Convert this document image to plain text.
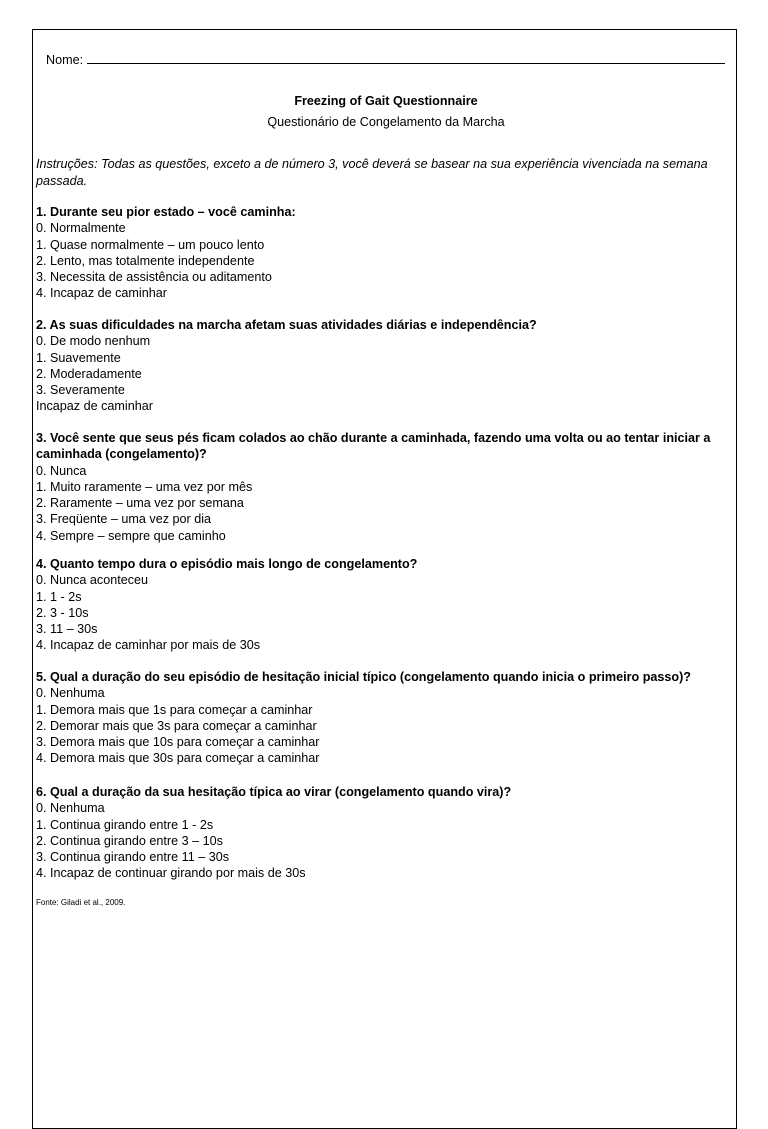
Nome:
Freezing of Gait Questionnaire
Questionário de Congelamento da Marcha
Instruções: Todas as questões, exceto a de número 3, você deverá se basear na sua experiência vivenciada na semana passada.
1. Durante seu pior estado – você caminha:
0. Normalmente
1. Quase normalmente – um pouco lento
2. Lento, mas totalmente independente
3. Necessita de assistência ou aditamento
4. Incapaz de caminhar
2. As suas dificuldades na marcha afetam suas atividades diárias e independência?
0. De modo nenhum
1. Suavemente
2. Moderadamente
3. Severamente
Incapaz de caminhar
3. Você sente que seus pés ficam colados ao chão durante a caminhada, fazendo uma volta ou ao tentar iniciar a caminhada (congelamento)?
0. Nunca
1. Muito raramente – uma vez por mês
2. Raramente – uma vez por semana
3. Freqüente – uma vez por dia
4. Sempre – sempre que caminho
4. Quanto tempo dura o episódio mais longo de congelamento?
0. Nunca aconteceu
1. 1 - 2s
2. 3 - 10s
3. 11 – 30s
4. Incapaz de caminhar por mais de 30s
5. Qual a duração do seu episódio de hesitação inicial típico (congelamento quando inicia o primeiro passo)?
0. Nenhuma
1. Demora mais que 1s para começar a caminhar
2. Demorar mais que 3s para começar a caminhar
3. Demora mais que 10s para começar a caminhar
4. Demora mais que 30s para começar a caminhar
6. Qual a duração da sua hesitação típica ao virar (congelamento quando vira)?
0. Nenhuma
1. Continua girando entre 1 - 2s
2. Continua girando entre 3 – 10s
3. Continua girando entre 11 – 30s
4. Incapaz de continuar girando por mais de 30s
Fonte: Giladi et al., 2009.
